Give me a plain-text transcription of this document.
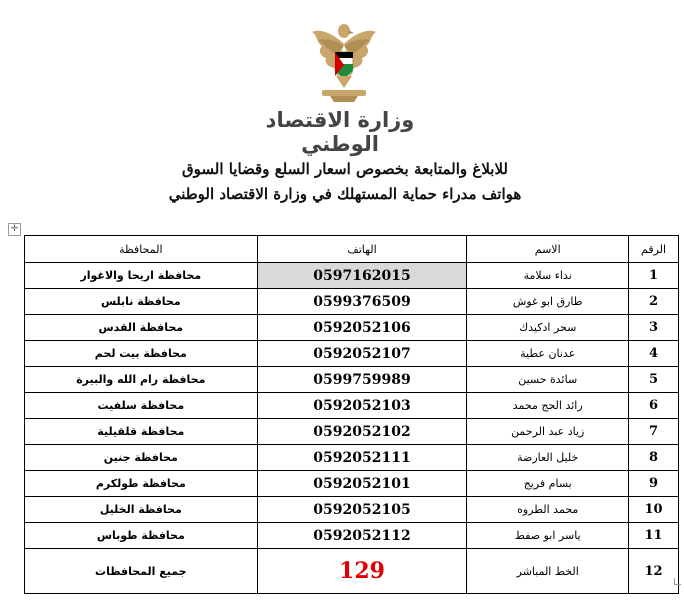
وزارة الاقتصاد الوطني
للابلاغ والمتابعة بخصوص اسعار السلع وقضايا السوق
هواتف مدراء حماية المستهلك في وزارة الاقتصاد الوطني
✛
الرقم	الاسم	الهاتف	المحافظة
1	نداء سلامة	0597162015	محافظة اريحا والاغوار
2	طارق ابو غوش	0599376509	محافظة نابلس
3	سحر ادكيدك	0592052106	محافظة القدس
4	عدنان عطية	0592052107	محافظة بيت لحم
5	سائدة حسين	0599759989	محافظة رام الله والبيرة
6	رائد الحج محمد	0592052103	محافظة سلفيت
7	زياد عبد الرحمن	0592052102	محافظة قلقيلية
8	خليل العارضة	0592052111	محافظة جنين
9	بسام فريج	0592052101	محافظة طولكرم
10	محمد الطروه	0592052105	محافظة الخليل
11	ياسر ابو صفط	0592052112	محافظة طوباس
12	الخط المباشر	129	جميع المحافظات
